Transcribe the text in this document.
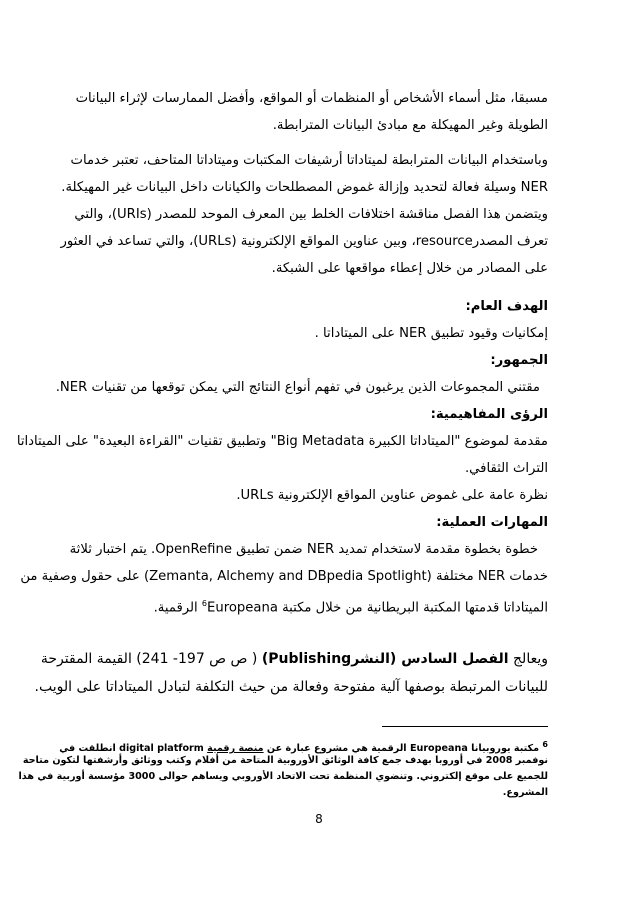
مسبقا، مثل أسماء الأشخاص أو المنظمات أو المواقع، وأفضل الممارسات لإثراء البيانات
الطويلة وغير المهيكلة مع مبادئ البيانات المترابطة.
وباستخدام البيانات المترابطة لميتاداتا أرشيفات المكتبات وميتاداتا المتاحف، تعتبر خدمات
NER وسيلة فعالة لتحديد وإزالة غموض المصطلحات والكيانات داخل البيانات غير المهيكلة.
ويتضمن هذا الفصل مناقشة اختلافات الخلط بين المعرف الموحد للمصدر (URIs)، والتي
تعرف المصدرresource، وبين عناوين المواقع الإلكترونية (URLs)، والتي تساعد في العثور
على المصادر من خلال إعطاء مواقعها على الشبكة.
الهدف العام:
إمكانيات وقيود تطبيق NER على الميتاداتا .
الجمهور:
مقتني المجموعات الذين يرغبون في تفهم أنواع النتائج التي يمكن توقعها من تقنيات NER.
الرؤى المفاهيمية:
مقدمة لموضوع "الميتاداتا الكبيرة Big Metadata" وتطبيق تقنيات "القراءة البعيدة" على الميتاداتا
التراث الثقافي.
نظرة عامة على غموض عناوين المواقع الإلكترونية URLs.
المهارات العملية:
خطوة بخطوة مقدمة لاستخدام تمديد NER ضمن تطبيق OpenRefine. يتم اختبار ثلاثة
خدمات NER مختلفة (Zemanta, Alchemy and DBpedia Spotlight) على حقول وصفية من
الميتاداتا قدمتها المكتبة البريطانية من خلال مكتبة $^6$Europeana الرقمية.
ويعالج الفصل السادس (النشرPublishing) ( ص ص 197- 241) القيمة المقترحة
للبيانات المرتبطة بوصفها آلية مفتوحة وفعالة من حيث التكلفة لتبادل الميتاداتا على الويب.
$^6$ مكتبة يوروبيانا Europeana الرقمية هي مشروع عبارة عن منصة رقمية digital platform انطلقت في
نوفمبر 2008 في أوروبا بهدف جمع كافة الوثائق الأوروبية المتاحة من أفلام وكتب ووثائق وأرشفتها لتكون متاحة
للجميع على موقع إلكتروني. وتنضوي المنظمة تحت الاتحاد الأوروبي ويساهم حوالى 3000 مؤسسة أوربية في هذا
المشروع.
8
